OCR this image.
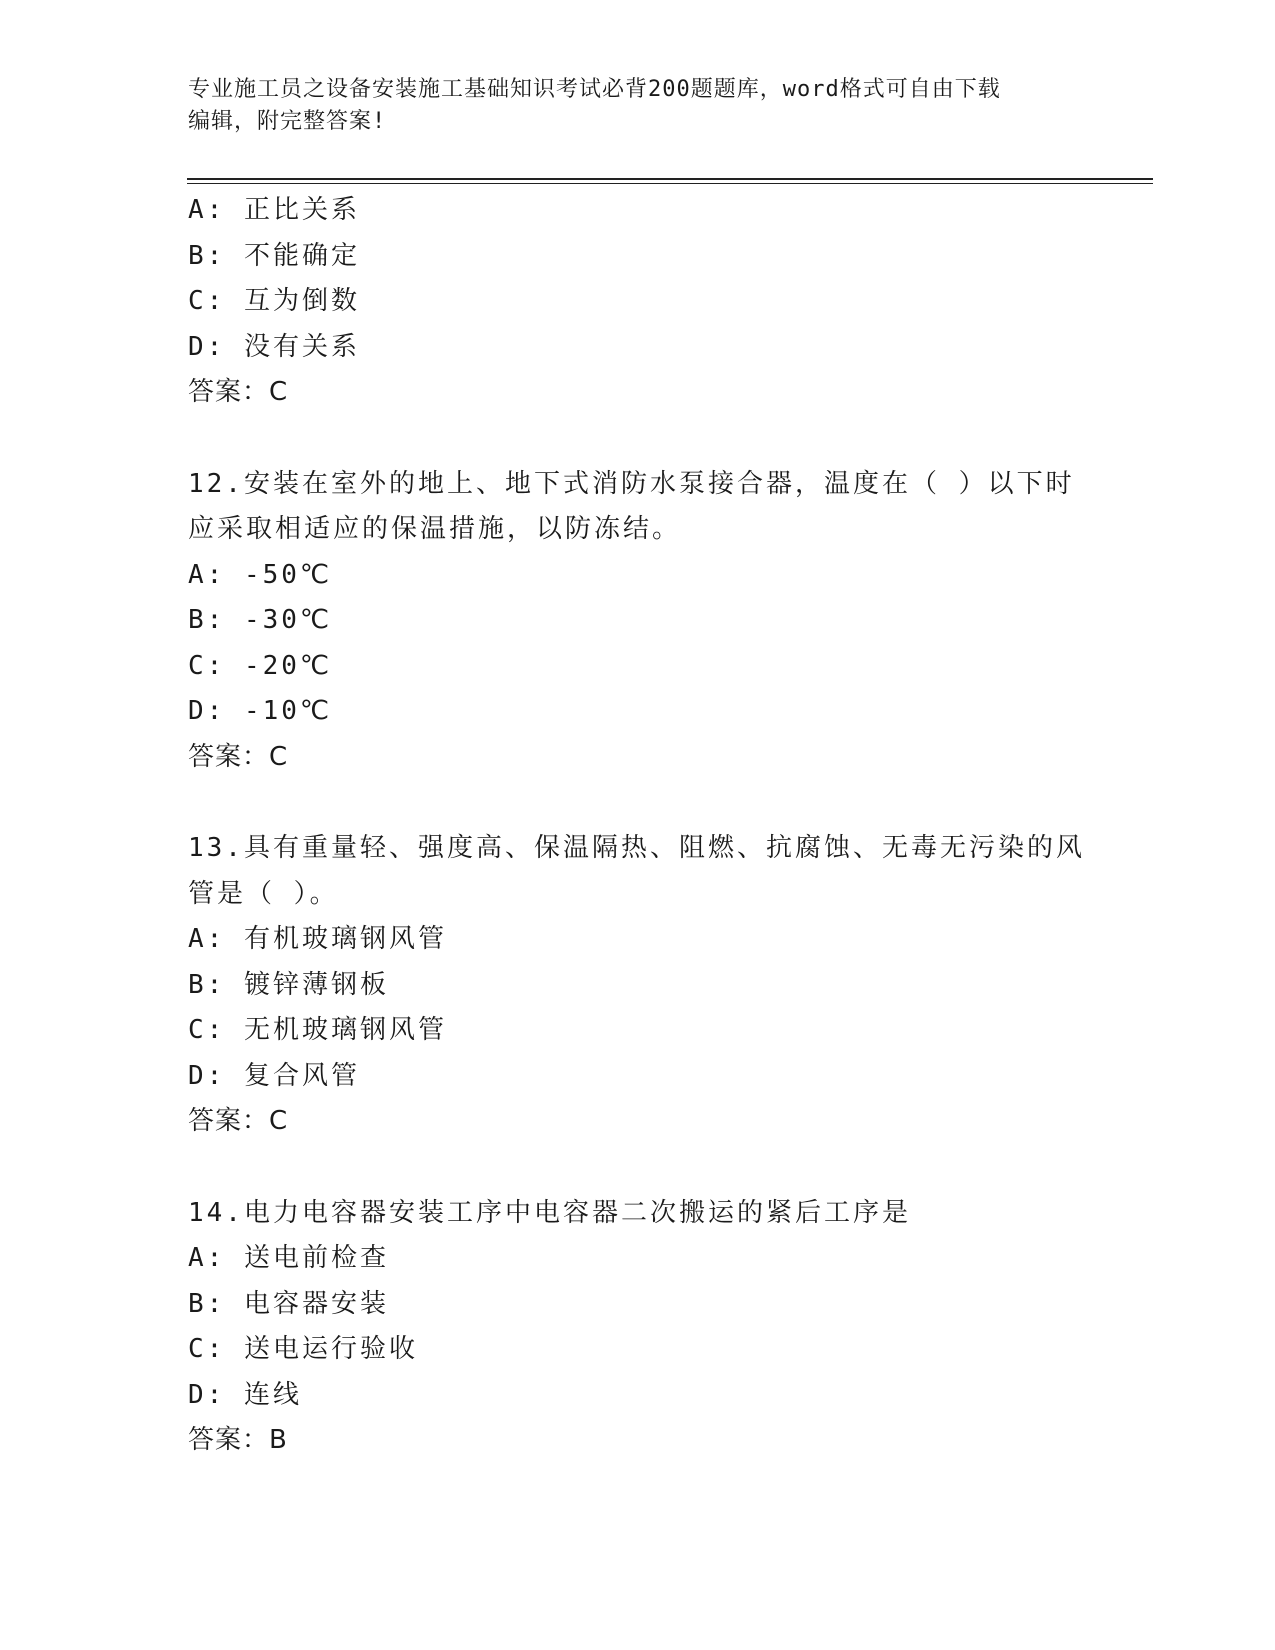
专业施工员之设备安装施工基础知识考试必背200题题库，word格式可自由下载
编辑，附完整答案!
A: 正比关系
B: 不能确定
C: 互为倒数
D: 没有关系
答案：C
12.安装在室外的地上、地下式消防水泵接合器，温度在（ ）以下时
应采取相适应的保温措施，以防冻结。
A: -50℃
B: -30℃
C: -20℃
D: -10℃
答案：C
13.具有重量轻、强度高、保温隔热、阻燃、抗腐蚀、无毒无污染的风
管是（ ）。
A: 有机玻璃钢风管
B: 镀锌薄钢板
C: 无机玻璃钢风管
D: 复合风管
答案：C
14.电力电容器安装工序中电容器二次搬运的紧后工序是
A: 送电前检查
B: 电容器安装
C: 送电运行验收
D: 连线
答案：B
